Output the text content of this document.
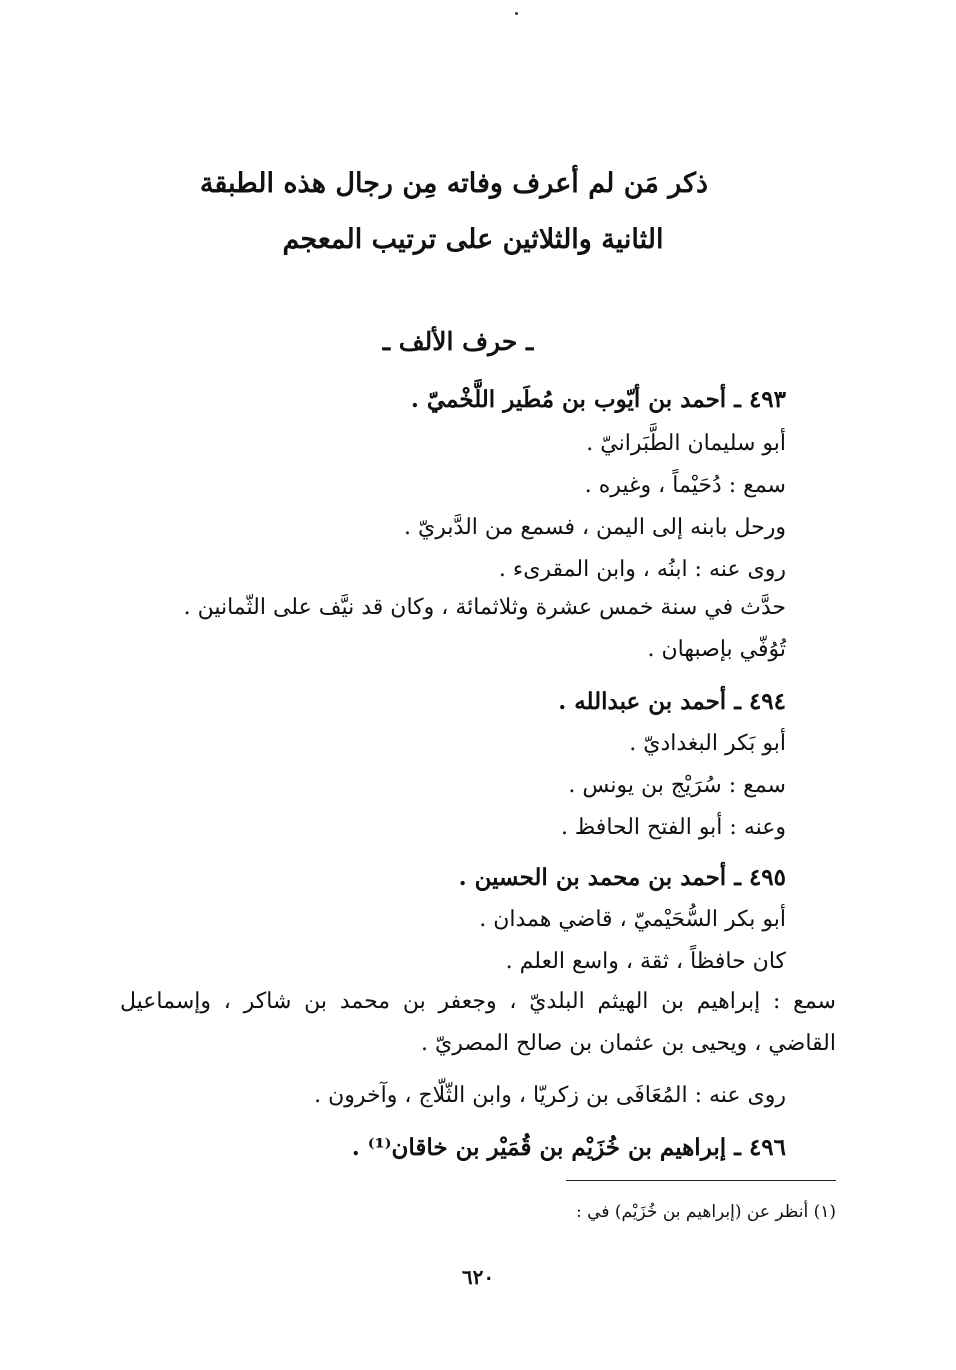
ذكر مَن لم أعرف وفاته مِن رجال هذه الطبقة
الثانية والثلاثين على ترتيب المعجم
ـ حرف الألف ـ
٤٩٣ ـ أحمد بن أيّوب بن مُطَير اللَّخْميّ .
أبو سليمان الطَّبَرانيّ .
سمع : دُحَيْماً ، وغيره .
ورحل بابنه إلى اليمن ، فسمع من الدَّبريّ .
روى عنه : ابنُه ، وابن المقرىء .
حدَّث في سنة خمس عشرة وثلاثمائة ، وكان قد نيَّف على الثّمانين .
تُوُفّي بإصبهان .
٤٩٤ ـ أحمد بن عبدالله .
أبو بَكر البغداديّ .
سمع : سُرَيْج بن يونس .
وعنه : أبو الفتح الحافظ .
٤٩٥ ـ أحمد بن محمد بن الحسين .
أبو بكر السُّحَيْميّ ، قاضي همدان .
كان حافظاً ، ثقة ، واسع العلم .
سمع : إبراهيم بن الهيثم البلديّ ، وجعفر بن محمد بن شاكر ، وإسماعيل
القاضي ، ويحيى بن عثمان بن صالح المصريّ .
روى عنه : المُعَافَى بن زكريّا ، وابن الثّلّاج ، وآخرون .
٤٩٦ ـ إبراهيم بن خُزَيْم بن قُمَيْر بن خاقان⁽¹⁾ .
(١) أنظر عن (إبراهيم بن خُزَيْم) في :
٦٢٠
